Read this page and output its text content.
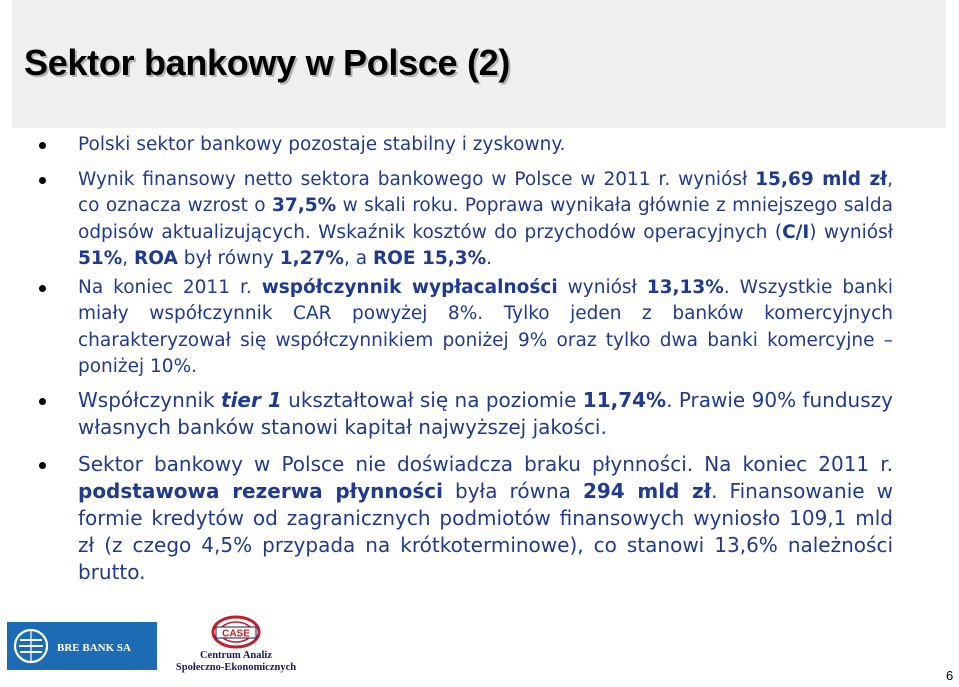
Sektor bankowy w Polsce (2)
Polski sektor bankowy pozostaje stabilny i zyskowny.
Wynik finansowy netto sektora bankowego w Polsce w 2011 r. wyniósł 15,69 mld zł, co oznacza wzrost o 37,5% w skali roku. Poprawa wynikała głównie z mniejszego salda odpisów aktualizujących. Wskaźnik kosztów do przychodów operacyjnych (C/I) wyniósł 51%, ROA był równy 1,27%, a ROE 15,3%.
Na koniec 2011 r. współczynnik wypłacalności wyniósł 13,13%. Wszystkie banki miały współczynnik CAR powyżej 8%. Tylko jeden z banków komercyjnych charakteryzował się współczynnikiem poniżej 9% oraz tylko dwa banki komercyjne – poniżej 10%.
Współczynnik tier 1 ukształtował się na poziomie 11,74%. Prawie 90% funduszy własnych banków stanowi kapitał najwyższej jakości.
Sektor bankowy w Polsce nie doświadcza braku płynności. Na koniec 2011 r. podstawowa rezerwa płynności była równa 294 mld zł. Finansowanie w formie kredytów od zagranicznych podmiotów finansowych wyniosło 109,1 mld zł (z czego 4,5% przypada na krótkoterminowe), co stanowi 13,6% należności brutto.
BRE BANK SA
CASE
Centrum Analiz
Społeczno-Ekonomicznych
6
